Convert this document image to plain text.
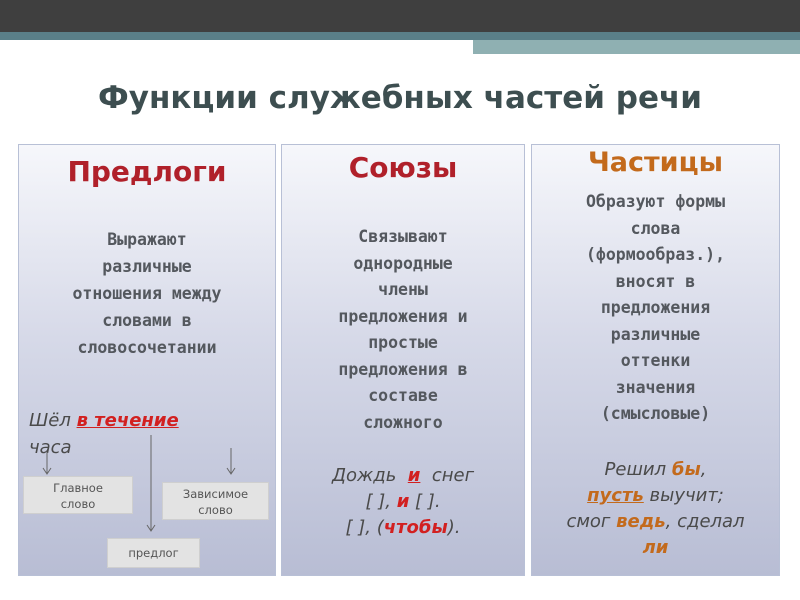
Функции служебных частей речи
Предлоги
Выражают
различные
отношения между
словами в
словосочетании
Шёл в течение
часа
Главное
слово
Зависимое
слово
предлог
Союзы
Связывают
однородные
члены
предложения и
простые
предложения в
составе
сложного
Дождь и снег
[ ], и [ ].
[ ], (чтобы).
Частицы
Образуют формы
слова
(формообраз.),
вносят в
предложения
различные
оттенки
значения
(смысловые)
Решил бы,
пусть выучит;
смог ведь, сделал
ли
